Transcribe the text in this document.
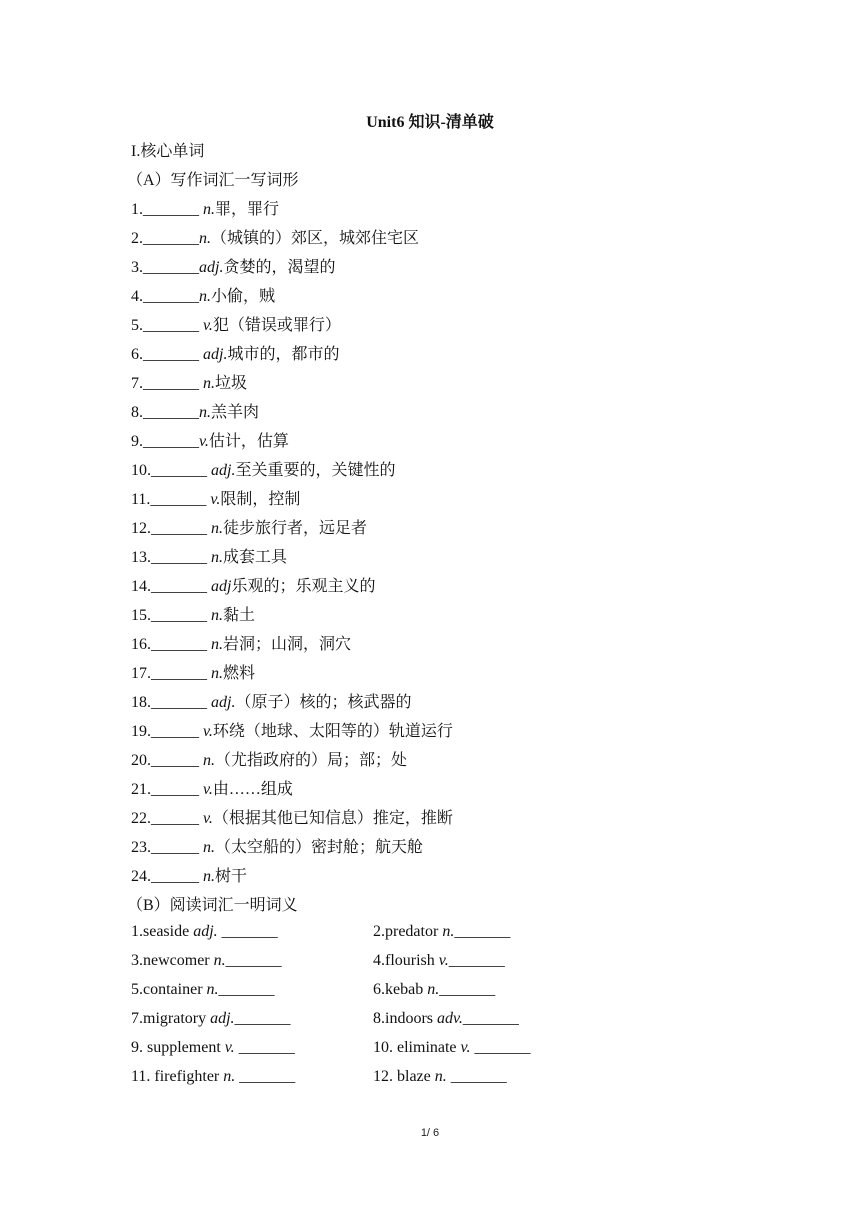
Unit6 知识-清单破
I.核心单词
（A）写作词汇一写词形
1._______ n.罪，罪行
2._______n.（城镇的）郊区，城郊住宅区
3._______adj.贪婪的，渴望的
4._______n.小偷，贼
5._______ v.犯（错误或罪行）
6._______ adj.城市的，都市的
7._______ n.垃圾
8._______n.羔羊肉
9._______v.估计，估算
10._______ adj.至关重要的，关键性的
11._______ v.限制，控制
12._______ n.徒步旅行者，远足者
13._______ n.成套工具
14._______ adj乐观的；乐观主义的
15._______ n.黏土
16._______ n.岩洞；山洞，洞穴
17._______ n.燃料
18._______ adj.（原子）核的；核武器的
19.______ v.环绕（地球、太阳等的）轨道运行
20.______ n.（尤指政府的）局；部；处
21.______ v.由……组成
22.______ v.（根据其他已知信息）推定，推断
23.______ n.（太空船的）密封舱；航天舱
24.______ n.树干
（B）阅读词汇一明词义
1.seaside adj. _______	2.predator n._______
3.newcomer n._______	4.flourish v._______
5.container n._______	6.kebab n._______
7.migratory adj._______	8.indoors adv._______
9. supplement v. _______	10. eliminate v. _______
11. firefighter n. _______	12. blaze n. _______
1/ 6
